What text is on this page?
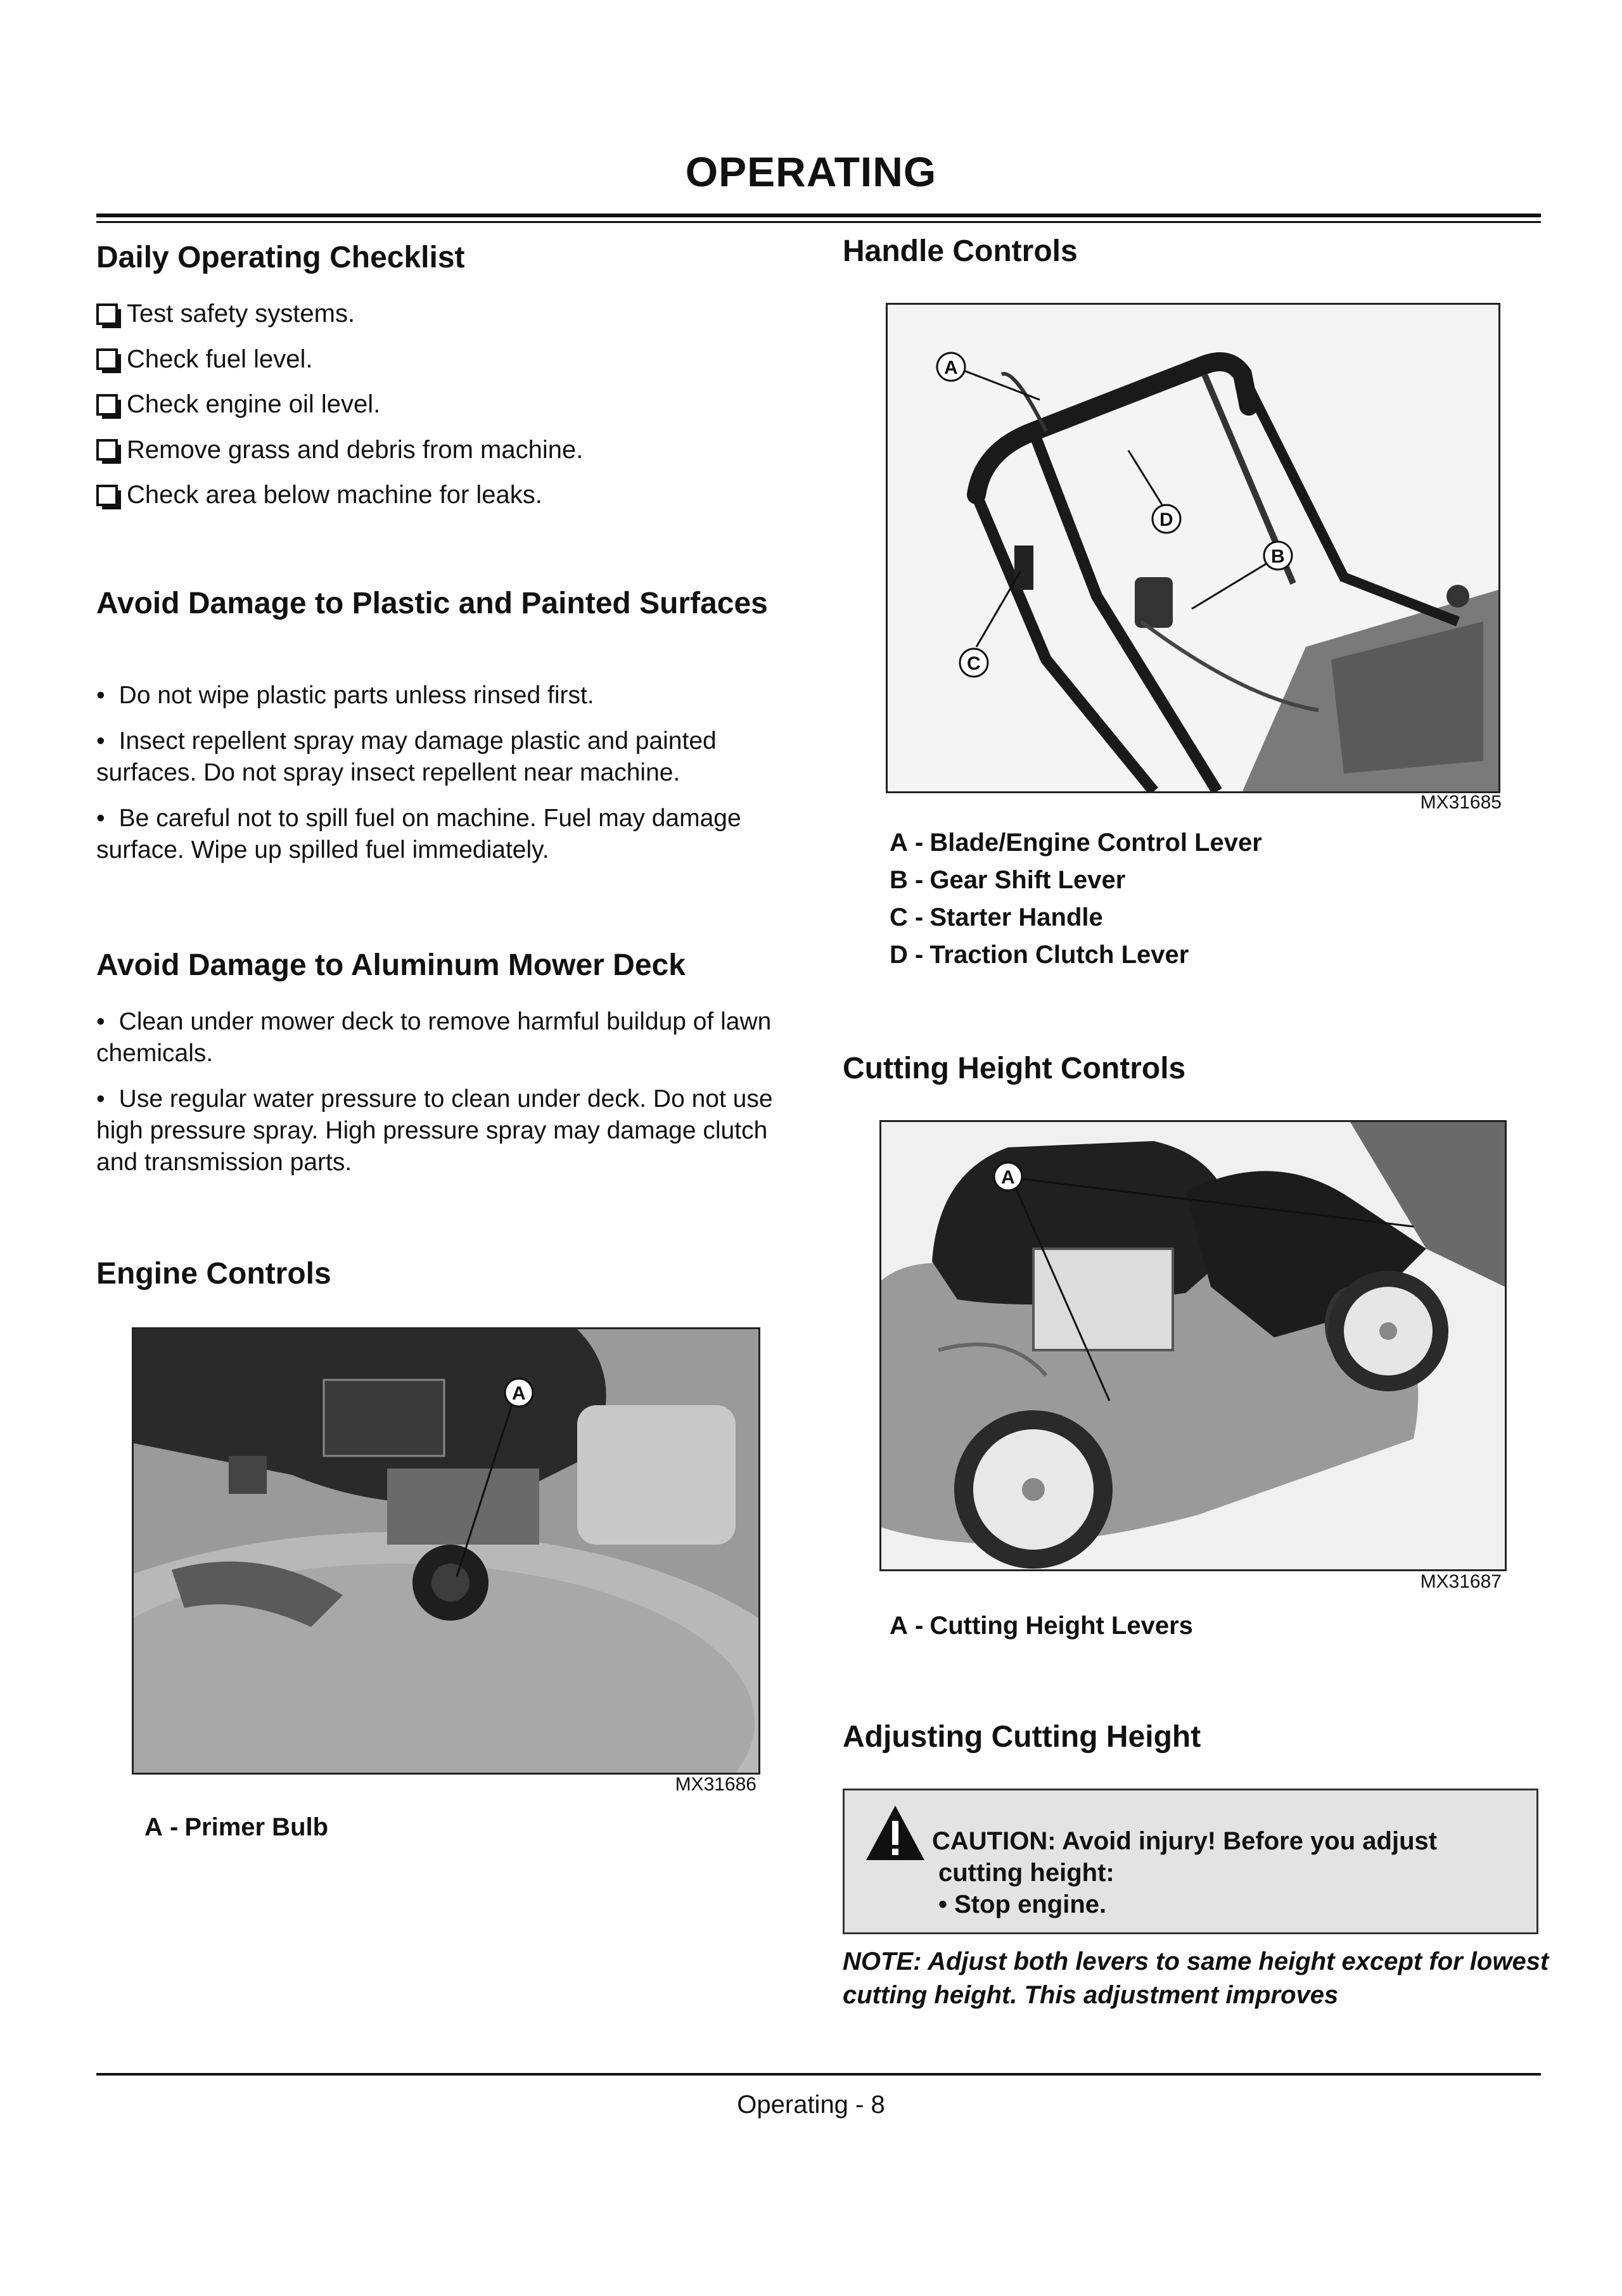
OPERATING
Daily Operating Checklist
Test safety systems.
Check fuel level.
Check engine oil level.
Remove grass and debris from machine.
Check area below machine for leaks.
Avoid Damage to Plastic and Painted Surfaces
• Do not wipe plastic parts unless rinsed first.
• Insect repellent spray may damage plastic and painted surfaces. Do not spray insect repellent near machine.
• Be careful not to spill fuel on machine. Fuel may damage surface. Wipe up spilled fuel immediately.
Avoid Damage to Aluminum Mower Deck
• Clean under mower deck to remove harmful buildup of lawn chemicals.
• Use regular water pressure to clean under deck. Do not use high pressure spray. High pressure spray may damage clutch and transmission parts.
Engine Controls
A
MX31686
A - Primer Bulb
Handle Controls
A
D
B
C
MX31685
A - Blade/Engine Control Lever
B - Gear Shift Lever
C - Starter Handle
D - Traction Clutch Lever
Cutting Height Controls
A
MX31687
A - Cutting Height Levers
Adjusting Cutting Height
CAUTION: Avoid injury! Before you adjust
cutting height:
• Stop engine.
NOTE: Adjust both levers to same height except for lowest cutting height. This adjustment improves
Operating - 8
